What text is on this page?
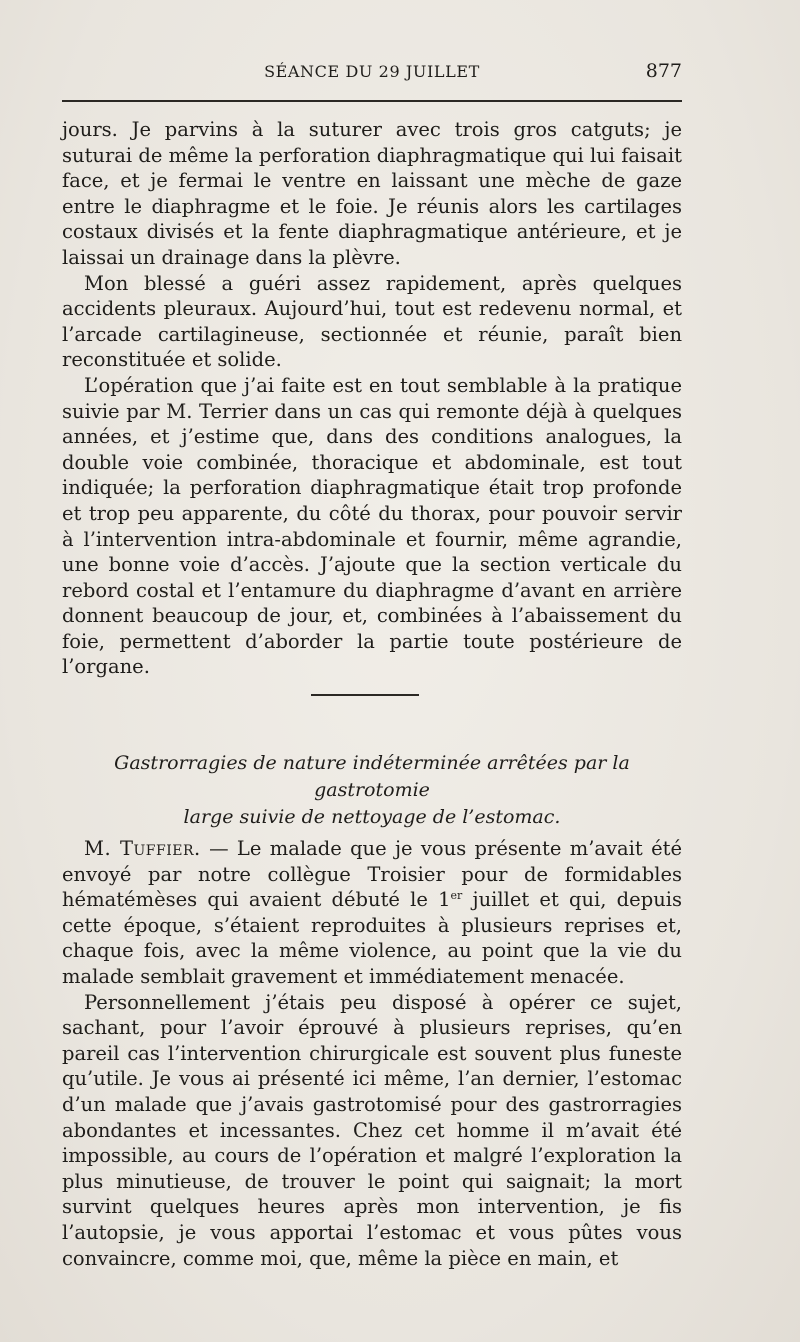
SÉANCE DU 29 JUILLET	877

jours. Je parvins à la suturer avec trois gros catguts; je suturai de même la perforation diaphragmatique qui lui faisait face, et je fermai le ventre en laissant une mèche de gaze entre le diaphragme et le foie. Je réunis alors les cartilages costaux divisés et la fente diaphragmatique antérieure, et je laissai un drainage dans la plèvre.

Mon blessé a guéri assez rapidement, après quelques accidents pleuraux. Aujourd’hui, tout est redevenu normal, et l’arcade cartilagineuse, sectionnée et réunie, paraît bien reconstituée et solide.

L’opération que j’ai faite est en tout semblable à la pratique suivie par M. Terrier dans un cas qui remonte déjà à quelques années, et j’estime que, dans des conditions analogues, la double voie combinée, thoracique et abdominale, est tout indiquée; la perforation diaphragmatique était trop profonde et trop peu apparente, du côté du thorax, pour pouvoir servir à l’intervention intra-abdominale et fournir, même agrandie, une bonne voie d’accès. J’ajoute que la section verticale du rebord costal et l’entamure du diaphragme d’avant en arrière donnent beaucoup de jour, et, combinées à l’abaissement du foie, permettent d’aborder la partie toute postérieure de l’organe.

Gastrorragies de nature indéterminée arrêtées par la gastrotomie
large suivie de nettoyage de l’estomac.

M. Tuffier. — Le malade que je vous présente m’avait été envoyé par notre collègue Troisier pour de formidables hématémèses qui avaient débuté le 1er juillet et qui, depuis cette époque, s’étaient reproduites à plusieurs reprises et, chaque fois, avec la même violence, au point que la vie du malade semblait gravement et immédiatement menacée.

Personnellement j’étais peu disposé à opérer ce sujet, sachant, pour l’avoir éprouvé à plusieurs reprises, qu’en pareil cas l’intervention chirurgicale est souvent plus funeste qu’utile. Je vous ai présenté ici même, l’an dernier, l’estomac d’un malade que j’avais gastrotomisé pour des gastrorragies abondantes et incessantes. Chez cet homme il m’avait été impossible, au cours de l’opération et malgré l’exploration la plus minutieuse, de trouver le point qui saignait; la mort survint quelques heures après mon intervention, je fis l’autopsie, je vous apportai l’estomac et vous pûtes vous convaincre, comme moi, que, même la pièce en main, et
